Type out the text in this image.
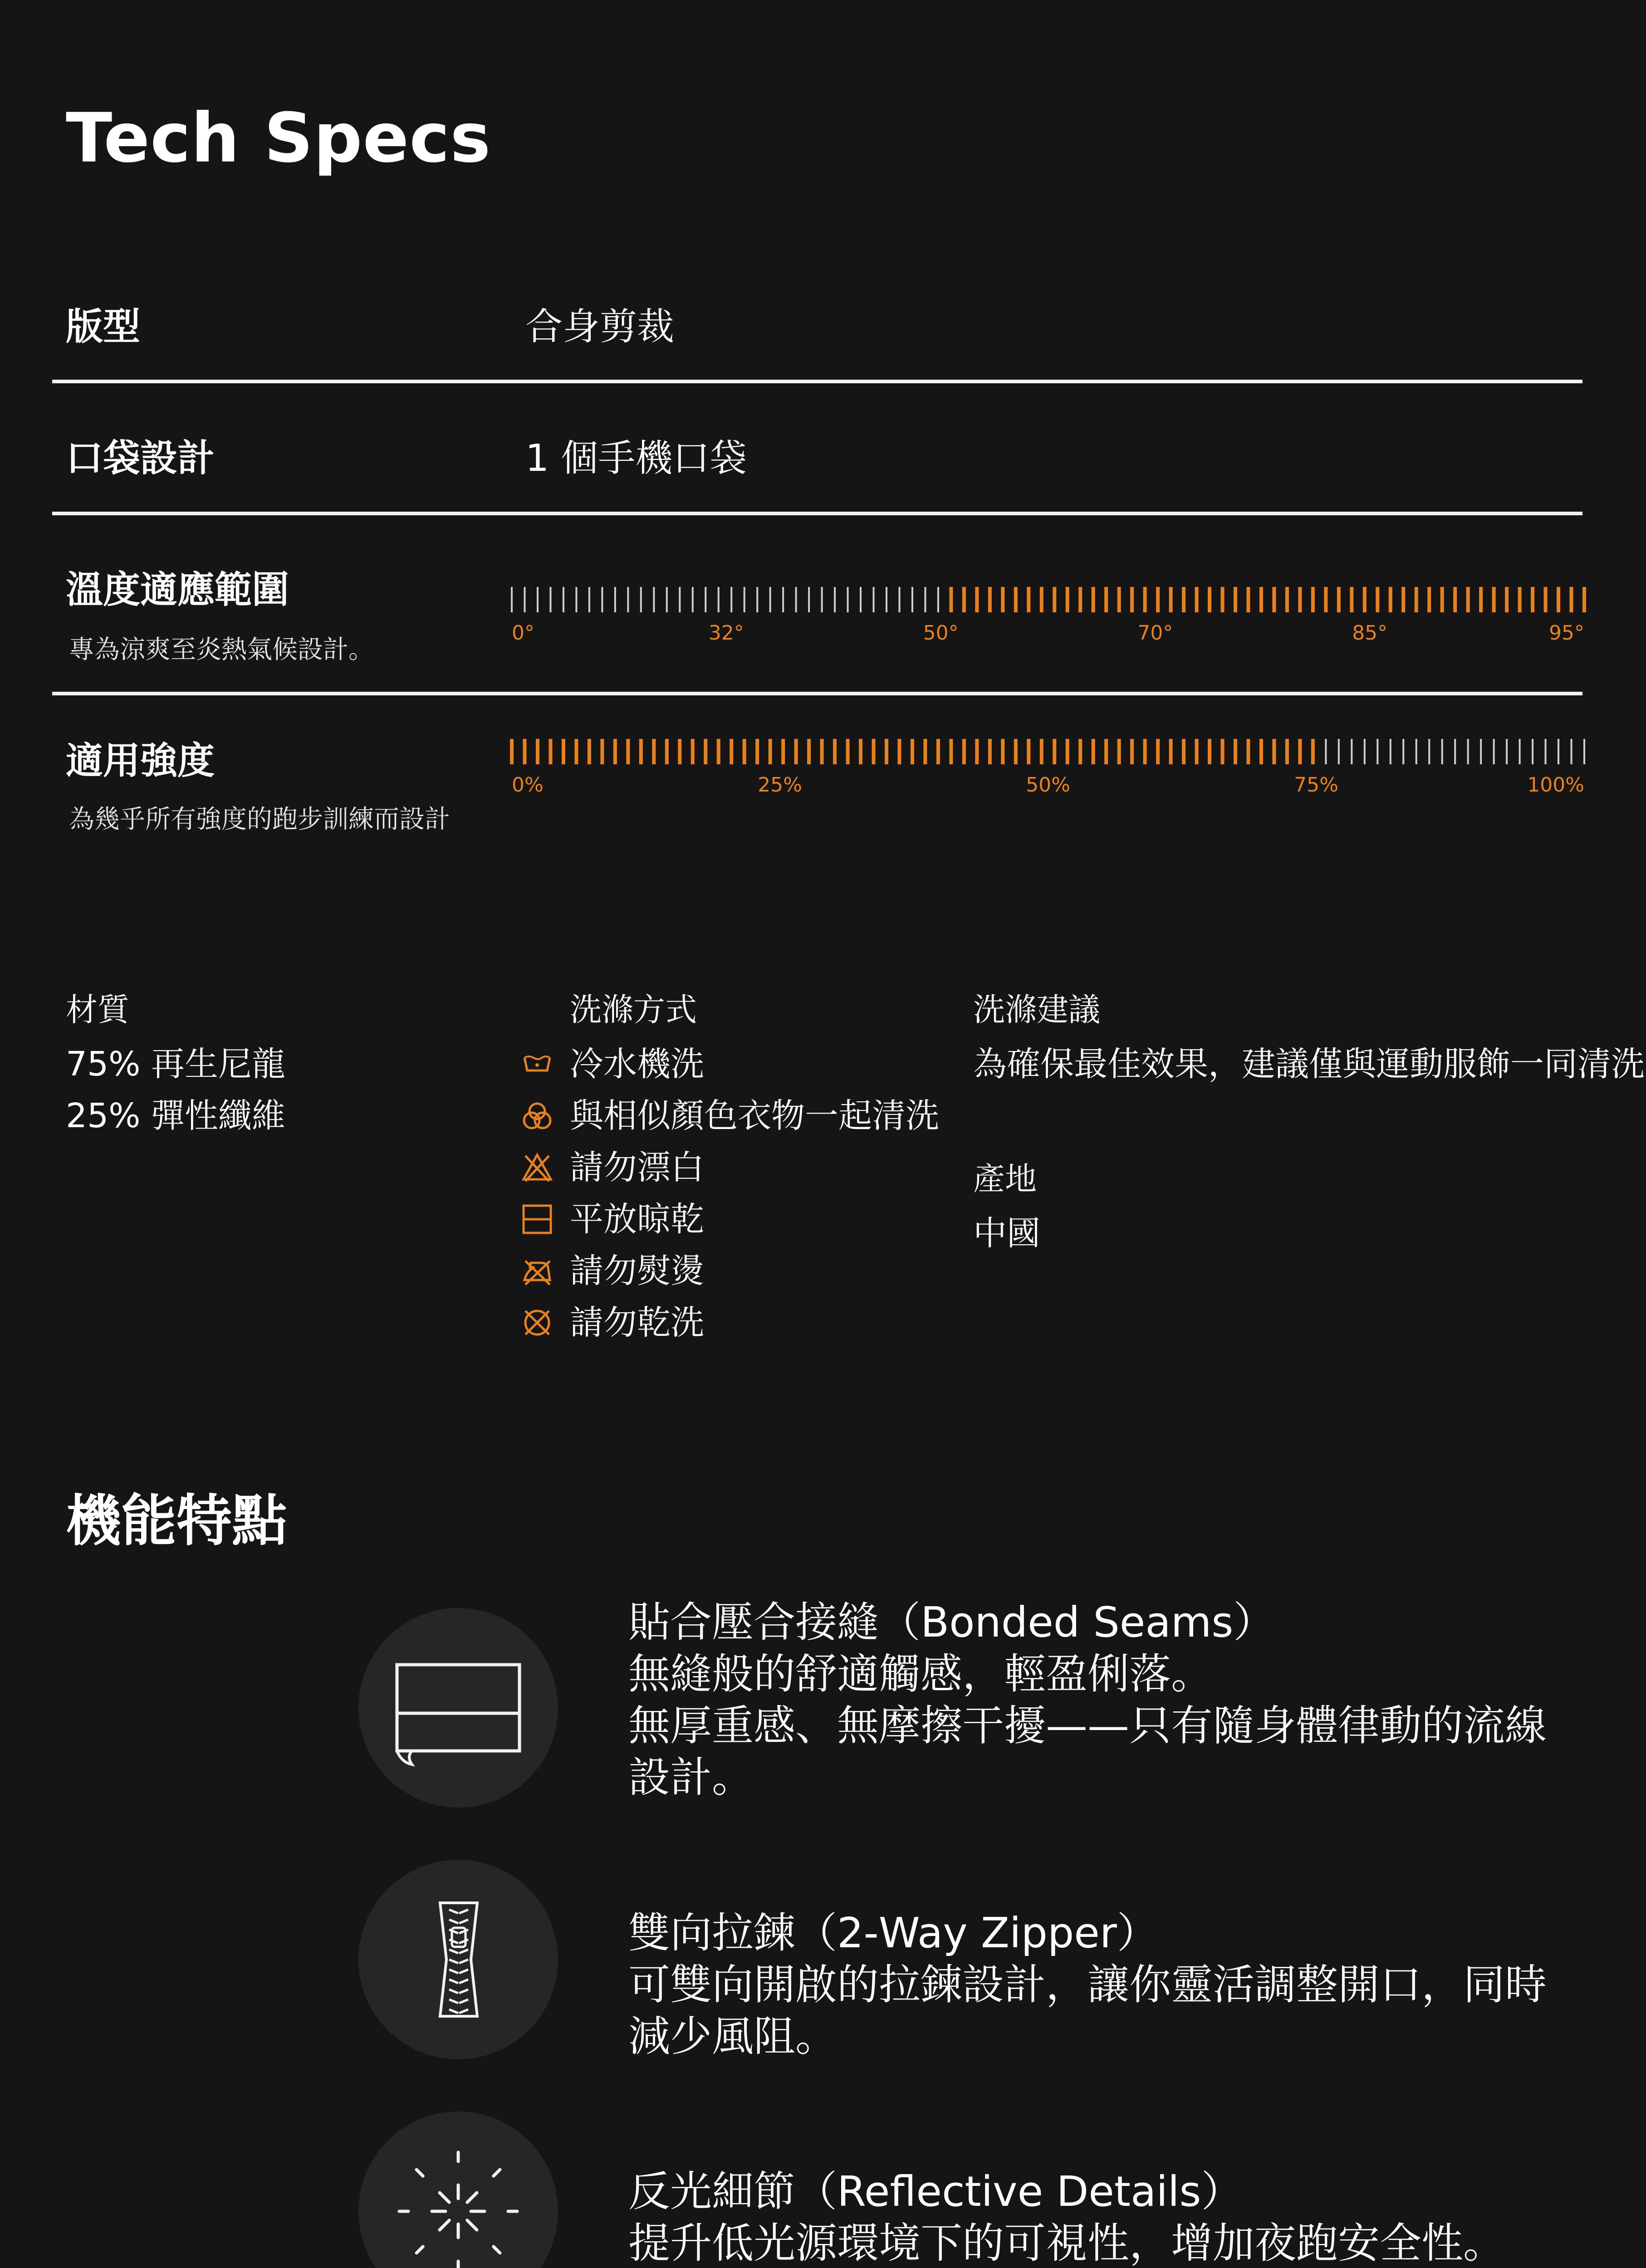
Tech Specs
版型	合身剪裁
口袋設計	1 個手機口袋
溫度適應範圍
專為涼爽至炎熱氣候設計。
0°	32°	50°	70°	85°	95°
適用強度
為幾乎所有強度的跑步訓練而設計
0%	25%	50%	75%	100%
材質
75% 再生尼龍
25% 彈性纖維
洗滌方式
冷水機洗
與相似顏色衣物一起清洗
請勿漂白
平放晾乾
請勿熨燙
請勿乾洗
洗滌建議
為確保最佳效果，建議僅與運動服飾一同清洗
產地
中國
機能特點
貼合壓合接縫（Bonded Seams）
無縫般的舒適觸感，輕盈俐落。
無厚重感、無摩擦干擾——只有隨身體律動的流線
設計。
雙向拉鍊（2-Way Zipper）
可雙向開啟的拉鍊設計，讓你靈活調整開口，同時
減少風阻。
反光細節（Reflective Details）
提升低光源環境下的可視性，增加夜跑安全性。
